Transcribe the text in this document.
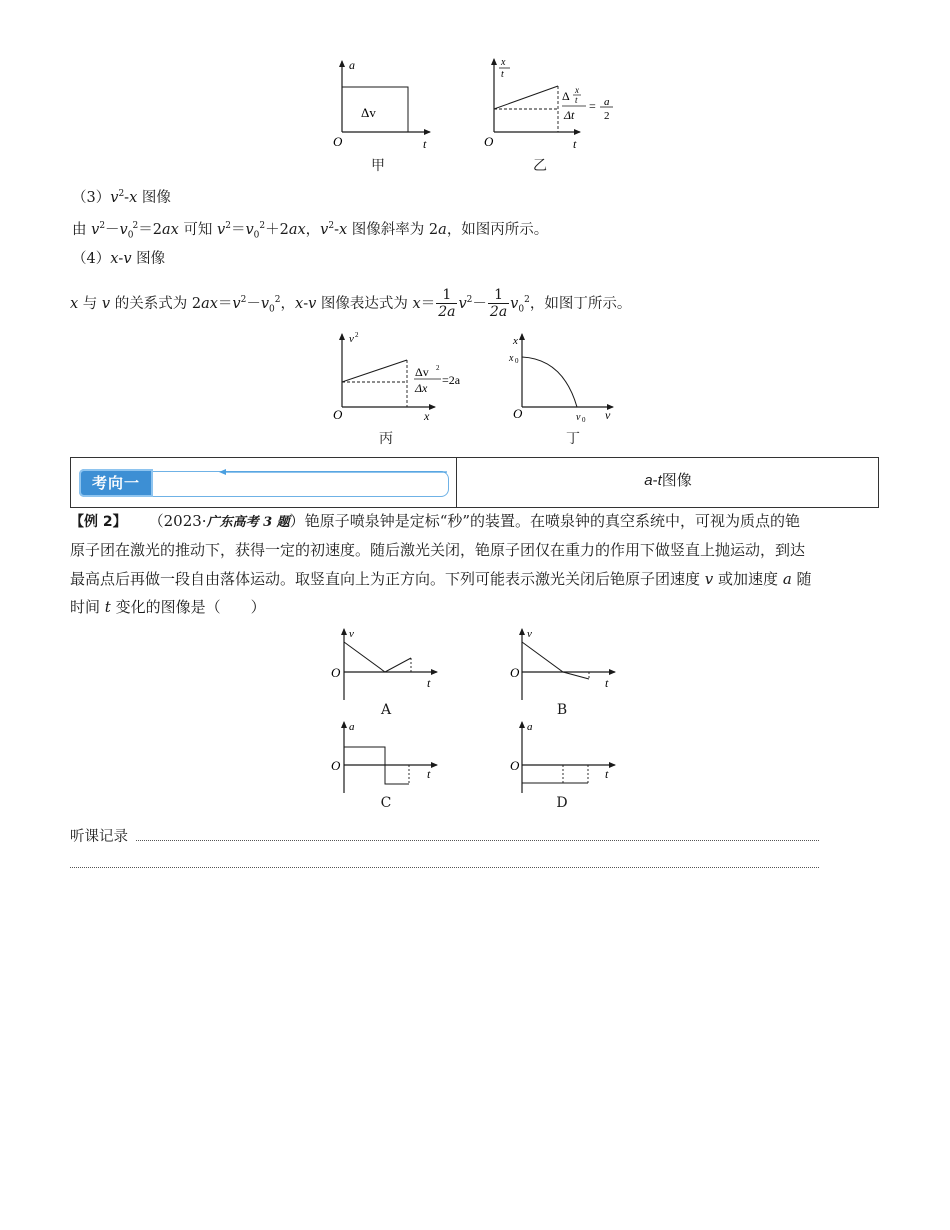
a
O	t
Δv
甲
x
t
O	t
Δ x
t
Δt
= a
2
乙
$(3)v^2-x$ 图像
由 $v^2-v_0^2=2ax$ 可知 $v^2=v_0^2+2ax$，$v^2-x$ 图像斜率为 2a，如图丙所示。
（4）x-v 图像
x 与 v 的关系式为 $2ax=v^2-v_0^2$，x-v 图像表达式为 $x= \frac{1}{2a} v^2- \frac{1}{2a} v_0^2$，如图丁所示。
v 2
O	x
Δv 2
Δx
=2a
丙
x
x 0
O	v
v 0
丁
考向一	a-t图像
【例 2】 （2023·广东高考 3 题）铯原子喷泉钟是定标“秒”的装置。在喷泉钟的真空系统中，可视为质点的铯
原子团在激光的推动下，获得一定的初速度。随后激光关闭，铯原子团仅在重力的作用下做竖直上抛运动，到达
最高点后再做一段自由落体运动。取竖直向上为正方向。下列可能表示激光关闭后铯原子团速度 v 或加速度 a 随
时间 t 变化的图像是（　　）
v
O
t
A
v
O
t
B
a
O
t
C
a
O
t
D
听课记录
